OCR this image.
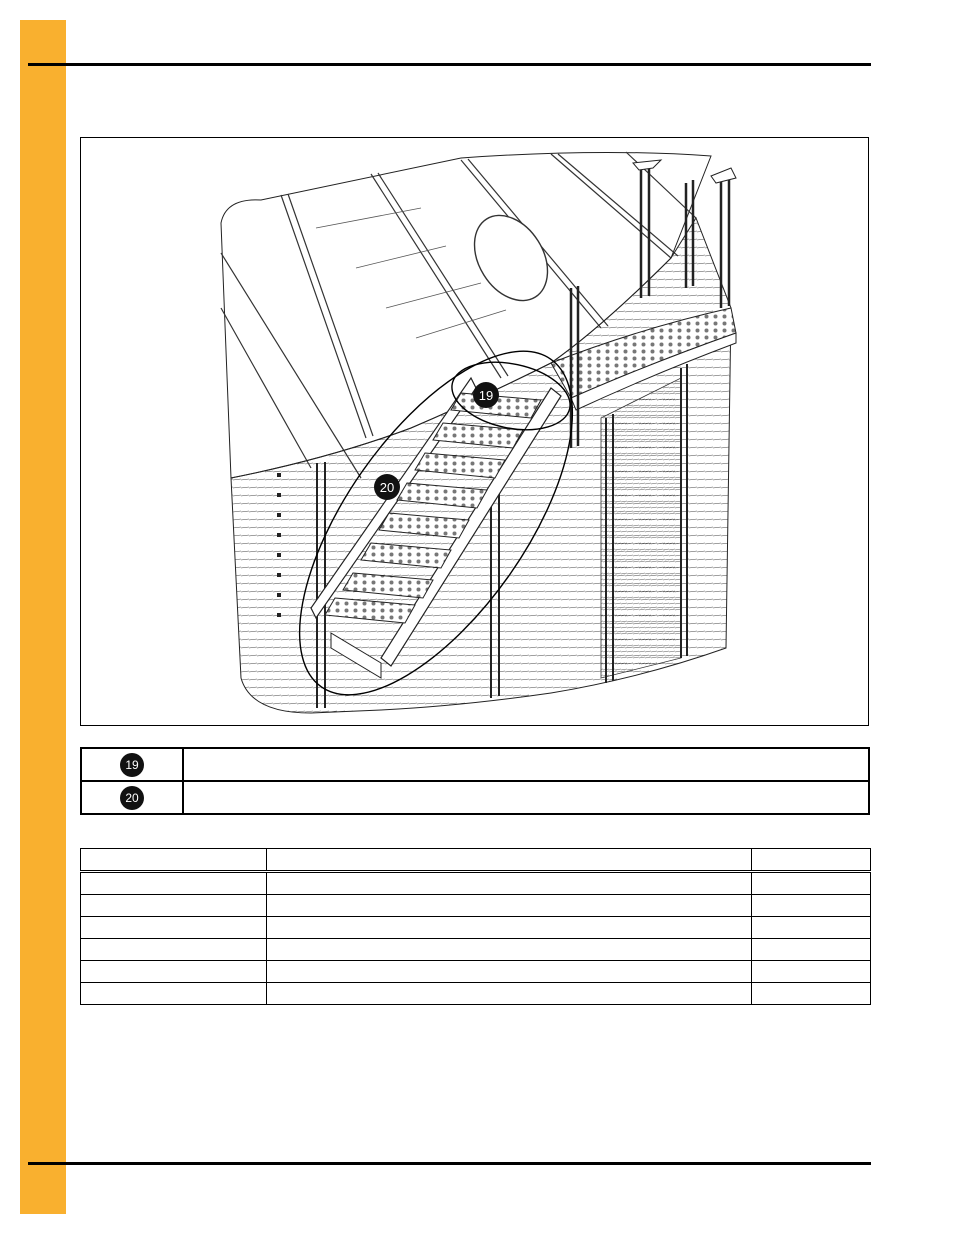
19
20
19	
20	
